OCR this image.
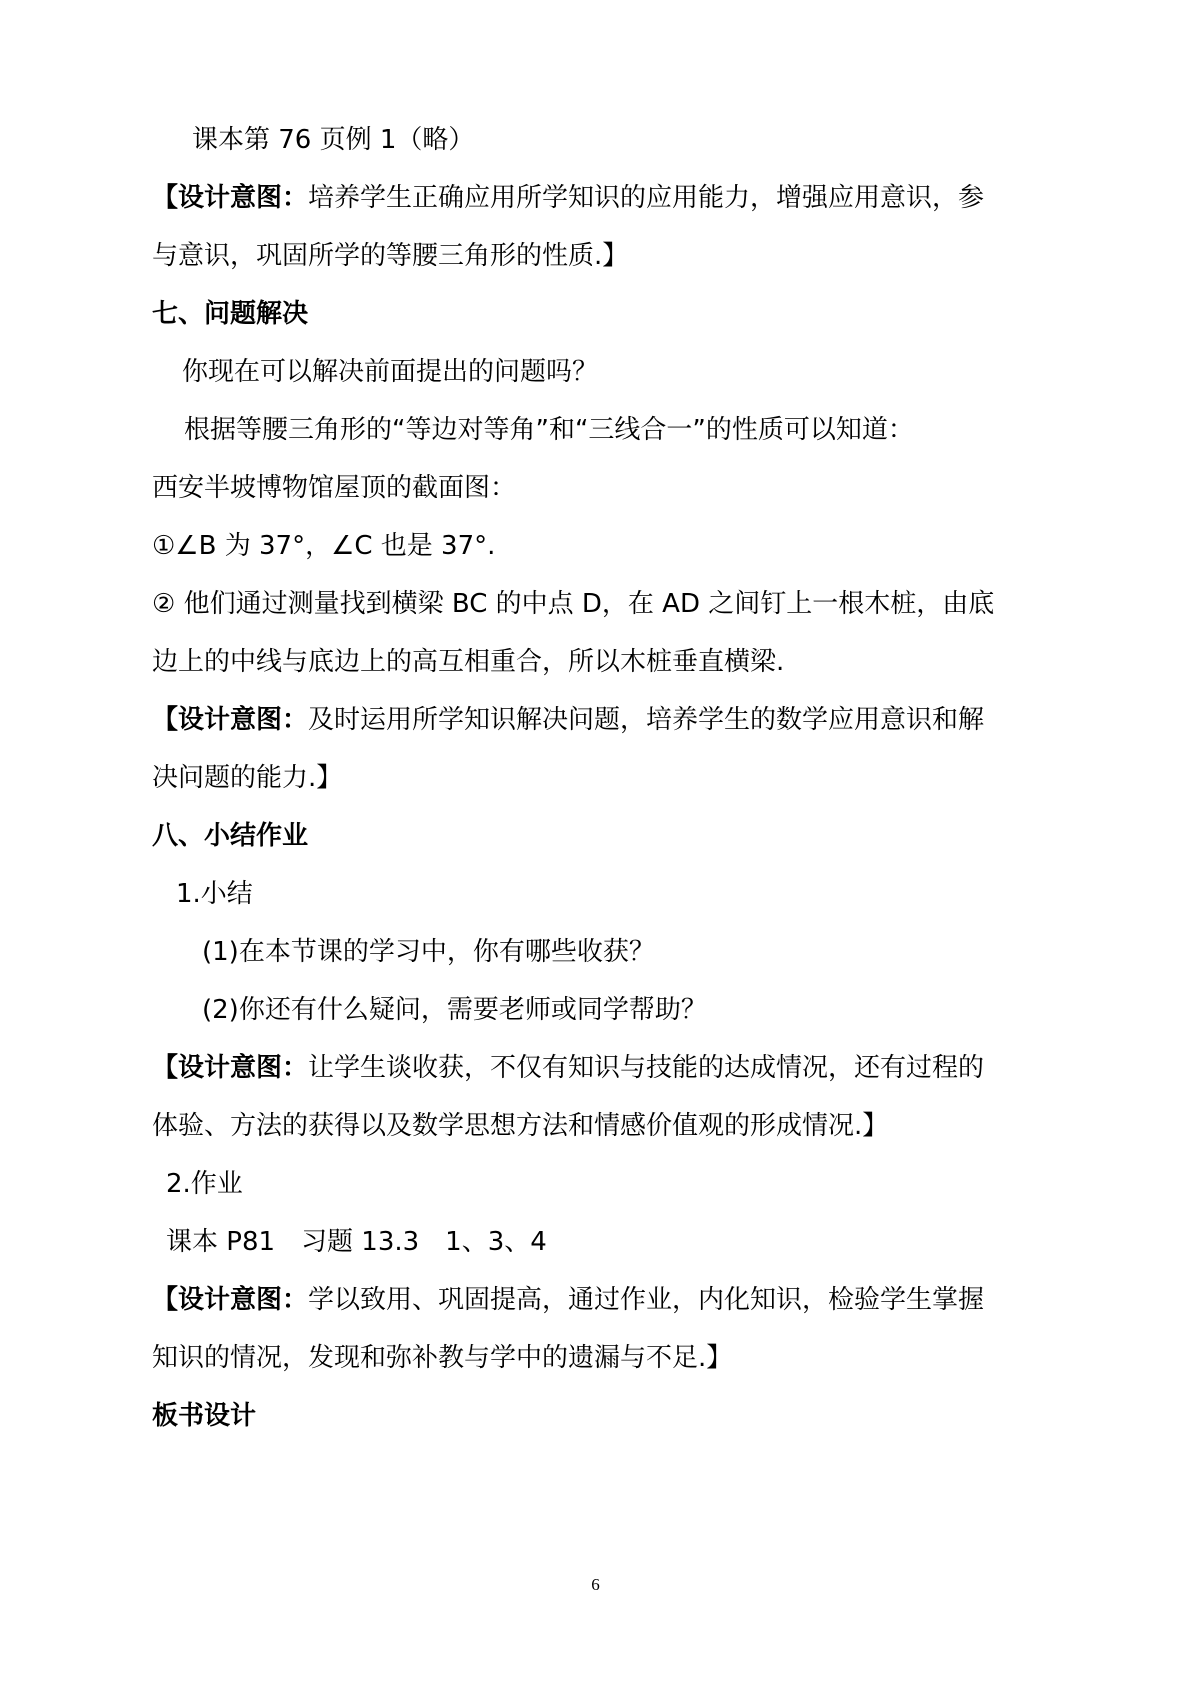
课本第 76 页例 1（略）
【设计意图：培养学生正确应用所学知识的应用能力，增强应用意识，参
与意识，巩固所学的等腰三角形的性质.】
七、问题解决
你现在可以解决前面提出的问题吗？
根据等腰三角形的“等边对等角”和“三线合一”的性质可以知道：
西安半坡博物馆屋顶的截面图：
①∠B 为 37°，∠C 也是 37°.
② 他们通过测量找到横梁 BC 的中点 D，在 AD 之间钉上一根木桩，由底
边上的中线与底边上的高互相重合，所以木桩垂直横梁.
【设计意图：及时运用所学知识解决问题，培养学生的数学应用意识和解
决问题的能力.】
八、小结作业
1.小结
(1)在本节课的学习中，你有哪些收获？
(2)你还有什么疑问，需要老师或同学帮助？
【设计意图：让学生谈收获，不仅有知识与技能的达成情况，还有过程的
体验、方法的获得以及数学思想方法和情感价值观的形成情况.】
2.作业
课本 P81　习题 13.3　1、3、4
【设计意图：学以致用、巩固提高，通过作业，内化知识，检验学生掌握
知识的情况，发现和弥补教与学中的遗漏与不足.】
板书设计
6
